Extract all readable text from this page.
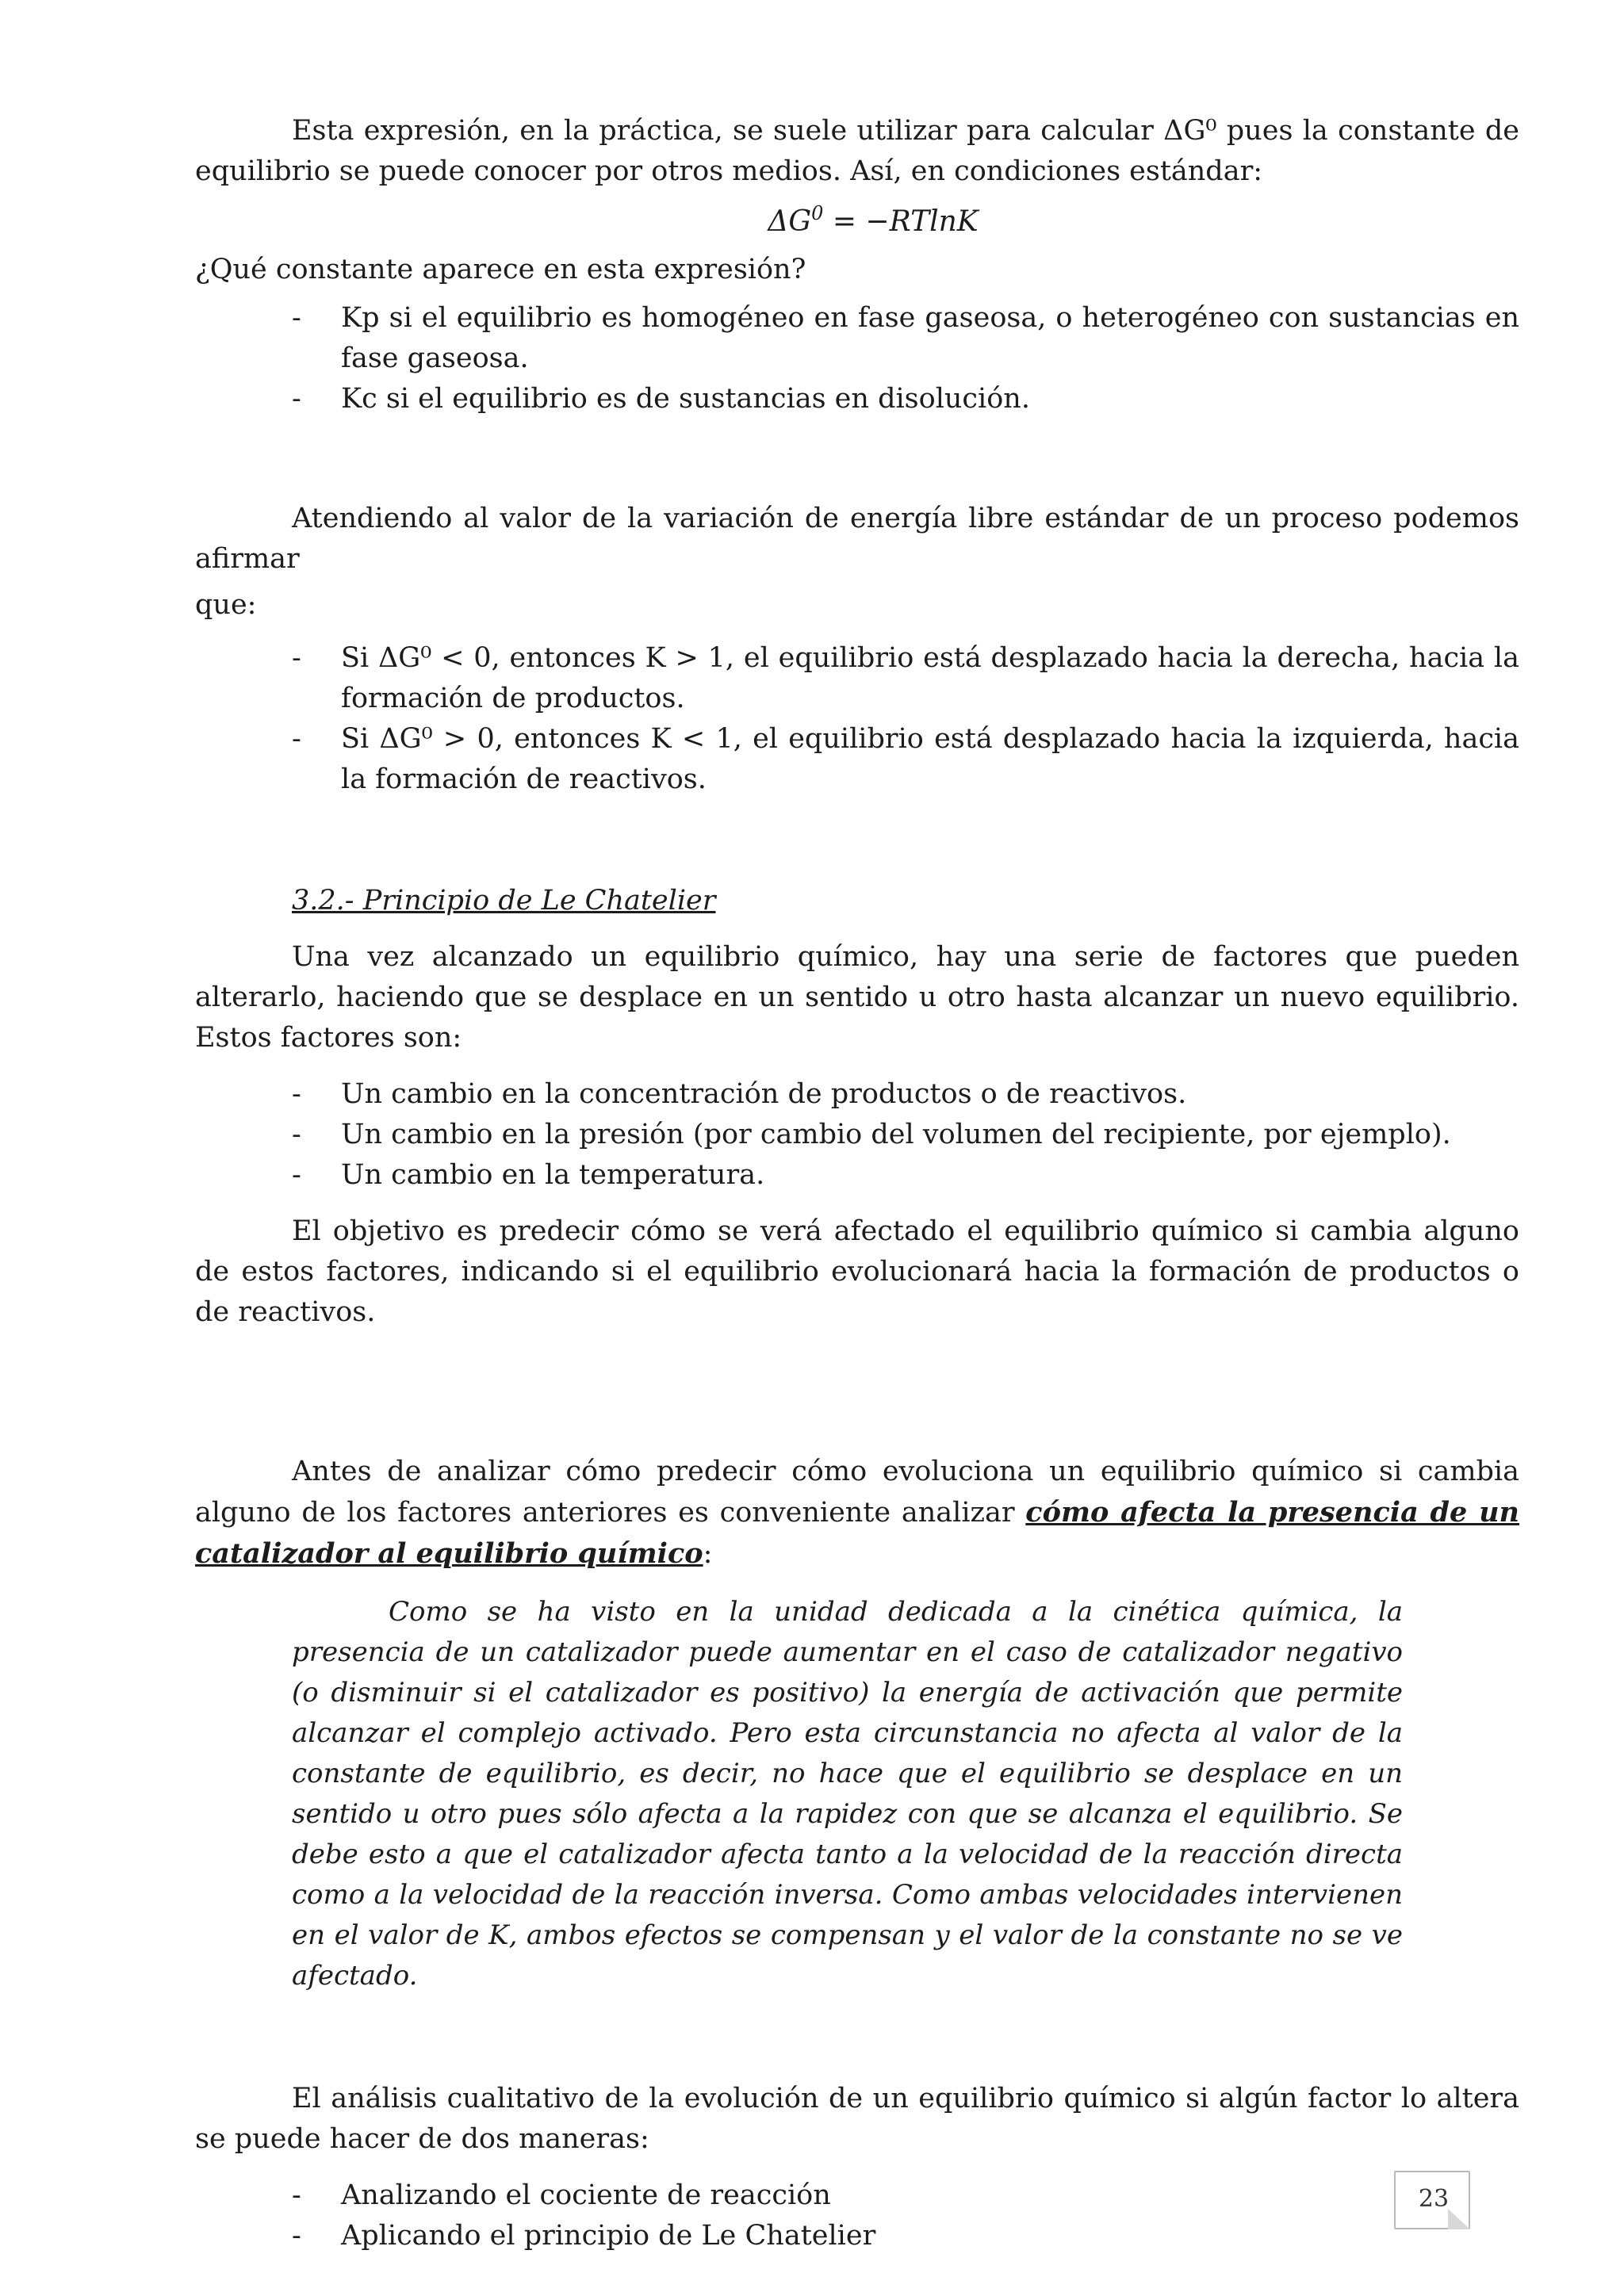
Esta expresión, en la práctica, se suele utilizar para calcular ΔG⁰ pues la constante de equilibrio se puede conocer por otros medios. Así, en condiciones estándar:

$\Delta G^0 = -RTlnK$

¿Qué constante aparece en esta expresión?

- Kp si el equilibrio es homogéneo en fase gaseosa, o heterogéneo con sustancias en fase gaseosa.
- Kc si el equilibrio es de sustancias en disolución.

Atendiendo al valor de la variación de energía libre estándar de un proceso podemos afirmar

que:

- Si ΔG⁰ < 0, entonces K > 1, el equilibrio está desplazado hacia la derecha, hacia la formación de productos.
- Si ΔG⁰ > 0, entonces K < 1, el equilibrio está desplazado hacia la izquierda, hacia la formación de reactivos.
3.2.- Principio de Le Chatelier

Una vez alcanzado un equilibrio químico, hay una serie de factores que pueden alterarlo, haciendo que se desplace en un sentido u otro hasta alcanzar un nuevo equilibrio. Estos factores son:

- Un cambio en la concentración de productos o de reactivos.
- Un cambio en la presión (por cambio del volumen del recipiente, por ejemplo).
- Un cambio en la temperatura.

El objetivo es predecir cómo se verá afectado el equilibrio químico si cambia alguno de estos factores, indicando si el equilibrio evolucionará hacia la formación de productos o de reactivos.

Antes de analizar cómo predecir cómo evoluciona un equilibrio químico si cambia alguno de los factores anteriores es conveniente analizar cómo afecta la presencia de un catalizador al equilibrio químico:

Como se ha visto en la unidad dedicada a la cinética química, la presencia de un catalizador puede aumentar en el caso de catalizador negativo (o disminuir si el catalizador es positivo) la energía de activación que permite alcanzar el complejo activado. Pero esta circunstancia no afecta al valor de la constante de equilibrio, es decir, no hace que el equilibrio se desplace en un sentido u otro pues sólo afecta a la rapidez con que se alcanza el equilibrio. Se debe esto a que el catalizador afecta tanto a la velocidad de la reacción directa como a la velocidad de la reacción inversa. Como ambas velocidades intervienen en el valor de K, ambos efectos se compensan y el valor de la constante no se ve afectado.

El análisis cualitativo de la evolución de un equilibrio químico si algún factor lo altera se puede hacer de dos maneras:

- Analizando el cociente de reacción
- Aplicando el principio de Le Chatelier
23
